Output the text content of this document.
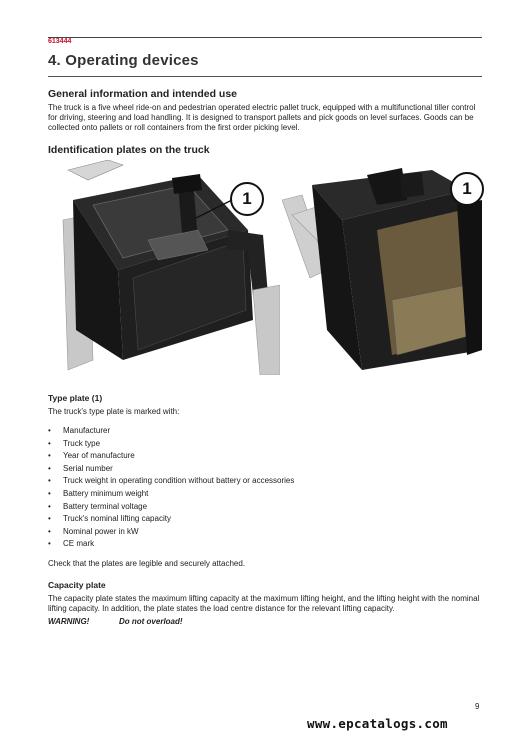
613444
4. Operating devices
General information and intended use
The truck is a five wheel ride-on and pedestrian operated electric pallet truck, equipped with a multifunctional tiller control for driving, steering and load handling. It is designed to transport pallets and pick goods on level surfaces. Goods can be collected onto pallets or roll containers from the first order picking level.
Identification plates on the truck
1
1
Type plate (1)
The truck's type plate is marked with:
• Manufacturer
• Truck type
• Year of manufacture
• Serial number
• Truck weight in operating condition without battery or accessories
• Battery minimum weight
• Battery terminal voltage
• Truck's nominal lifting capacity
• Nominal power in kW
• CE mark
Check that the plates are legible and securely attached.
Capacity plate
The capacity plate states the maximum lifting capacity at the maximum lifting height, and the lifting height with the nominal lifting capacity. In addition, the plate states the load centre distance for the relevant lifting capacity.
WARNING!	Do not overload!
9
www.epcatalogs.com
